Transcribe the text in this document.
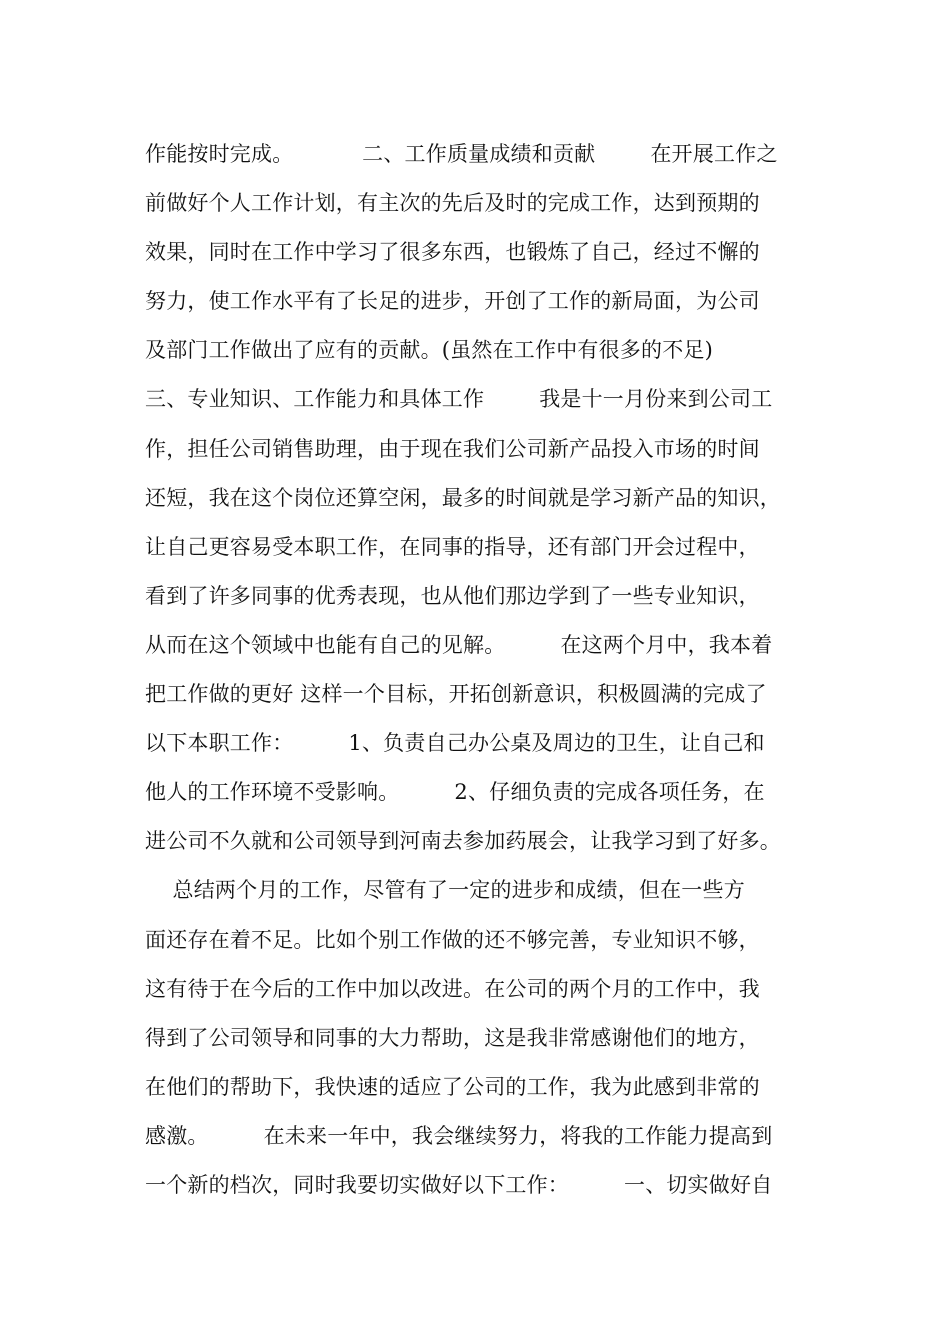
作能按时完成。          二、工作质量成绩和贡献        在开展工作之
前做好个人工作计划，有主次的先后及时的完成工作，达到预期的
效果，同时在工作中学习了很多东西，也锻炼了自己，经过不懈的
努力，使工作水平有了长足的进步，开创了工作的新局面，为公司
及部门工作做出了应有的贡献。(虽然在工作中有很多的不足)
三、专业知识、工作能力和具体工作        我是十一月份来到公司工
作，担任公司销售助理，由于现在我们公司新产品投入市场的时间
还短，我在这个岗位还算空闲，最多的时间就是学习新产品的知识，
让自己更容易受本职工作，在同事的指导，还有部门开会过程中，
看到了许多同事的优秀表现，也从他们那边学到了一些专业知识，
从而在这个领域中也能有自己的见解。        在这两个月中，我本着
把工作做的更好 这样一个目标，开拓创新意识，积极圆满的完成了
以下本职工作：        1、负责自己办公桌及周边的卫生，让自己和
他人的工作环境不受影响。        2、仔细负责的完成各项任务，在
进公司不久就和公司领导到河南去参加药展会，让我学习到了好多。
总结两个月的工作，尽管有了一定的进步和成绩，但在一些方
面还存在着不足。比如个别工作做的还不够完善，专业知识不够，
这有待于在今后的工作中加以改进。在公司的两个月的工作中，我
得到了公司领导和同事的大力帮助，这是我非常感谢他们的地方，
在他们的帮助下，我快速的适应了公司的工作，我为此感到非常的
感激。        在未来一年中，我会继续努力，将我的工作能力提高到
一个新的档次，同时我要切实做好以下工作：        一、切实做好自
